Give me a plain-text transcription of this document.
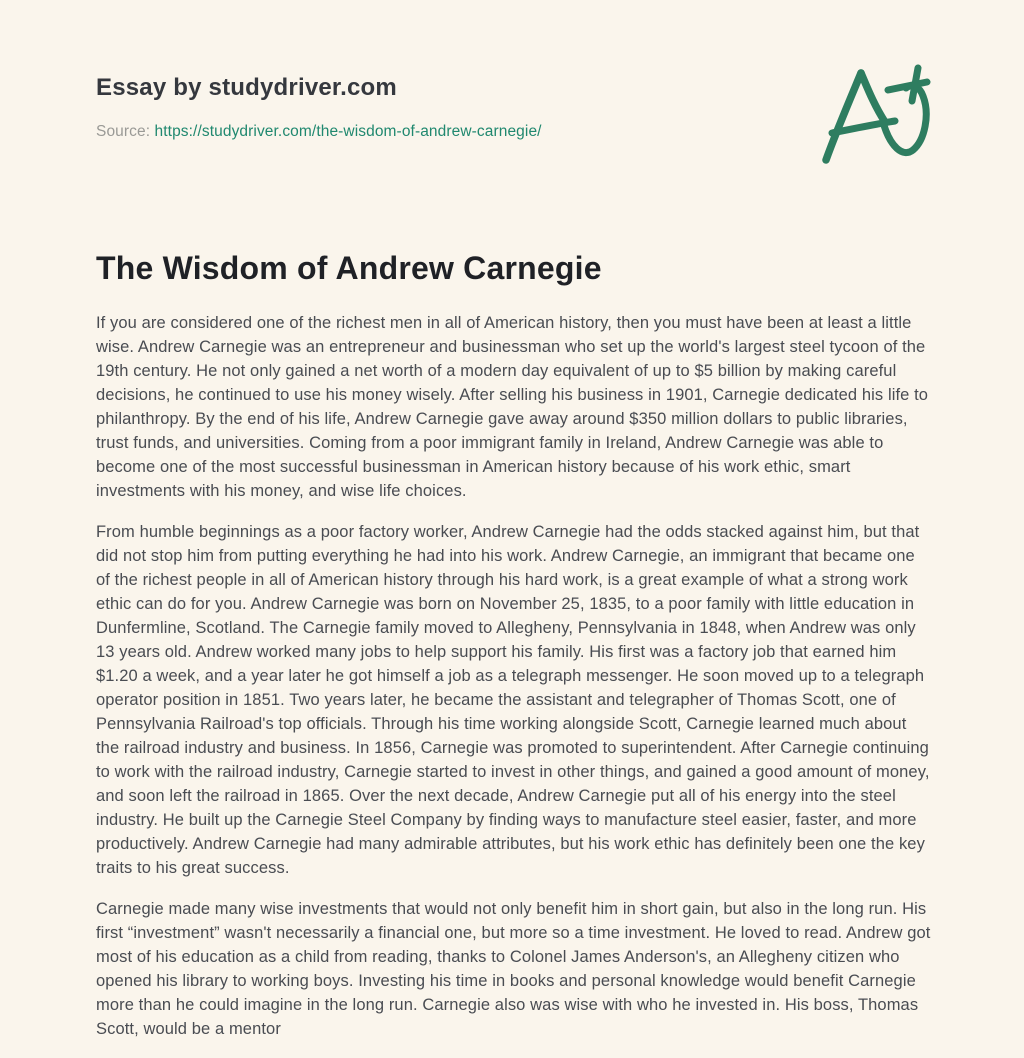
Essay by studydriver.com
Source: https://studydriver.com/the-wisdom-of-andrew-carnegie/
The Wisdom of Andrew Carnegie

If you are considered one of the richest men in all of American history, then you must have been at least a little wise. Andrew Carnegie was an entrepreneur and businessman who set up the world's largest steel tycoon of the 19th century. He not only gained a net worth of a modern day equivalent of up to $5 billion by making careful decisions, he continued to use his money wisely. After selling his business in 1901, Carnegie dedicated his life to philanthropy. By the end of his life, Andrew Carnegie gave away around $350 million dollars to public libraries, trust funds, and universities. Coming from a poor immigrant family in Ireland, Andrew Carnegie was able to become one of the most successful businessman in American history because of his work ethic, smart investments with his money, and wise life choices.

From humble beginnings as a poor factory worker, Andrew Carnegie had the odds stacked against him, but that did not stop him from putting everything he had into his work. Andrew Carnegie, an immigrant that became one of the richest people in all of American history through his hard work, is a great example of what a strong work ethic can do for you. Andrew Carnegie was born on November 25, 1835, to a poor family with little education in Dunfermline, Scotland. The Carnegie family moved to Allegheny, Pennsylvania in 1848, when Andrew was only 13 years old. Andrew worked many jobs to help support his family. His first was a factory job that earned him $1.20 a week, and a year later he got himself a job as a telegraph messenger. He soon moved up to a telegraph operator position in 1851. Two years later, he became the assistant and telegrapher of Thomas Scott, one of Pennsylvania Railroad's top officials. Through his time working alongside Scott, Carnegie learned much about the railroad industry and business. In 1856, Carnegie was promoted to superintendent. After Carnegie continuing to work with the railroad industry, Carnegie started to invest in other things, and gained a good amount of money, and soon left the railroad in 1865. Over the next decade, Andrew Carnegie put all of his energy into the steel industry. He built up the Carnegie Steel Company by finding ways to manufacture steel easier, faster, and more productively. Andrew Carnegie had many admirable attributes, but his work ethic has definitely been one the key traits to his great success.

Carnegie made many wise investments that would not only benefit him in short gain, but also in the long run. His first “investment” wasn't necessarily a financial one, but more so a time investment. He loved to read. Andrew got most of his education as a child from reading, thanks to Colonel James Anderson's, an Allegheny citizen who opened his library to working boys. Investing his time in books and personal knowledge would benefit Carnegie more than he could imagine in the long run. Carnegie also was wise with who he invested in. His boss, Thomas Scott, would be a mentor
